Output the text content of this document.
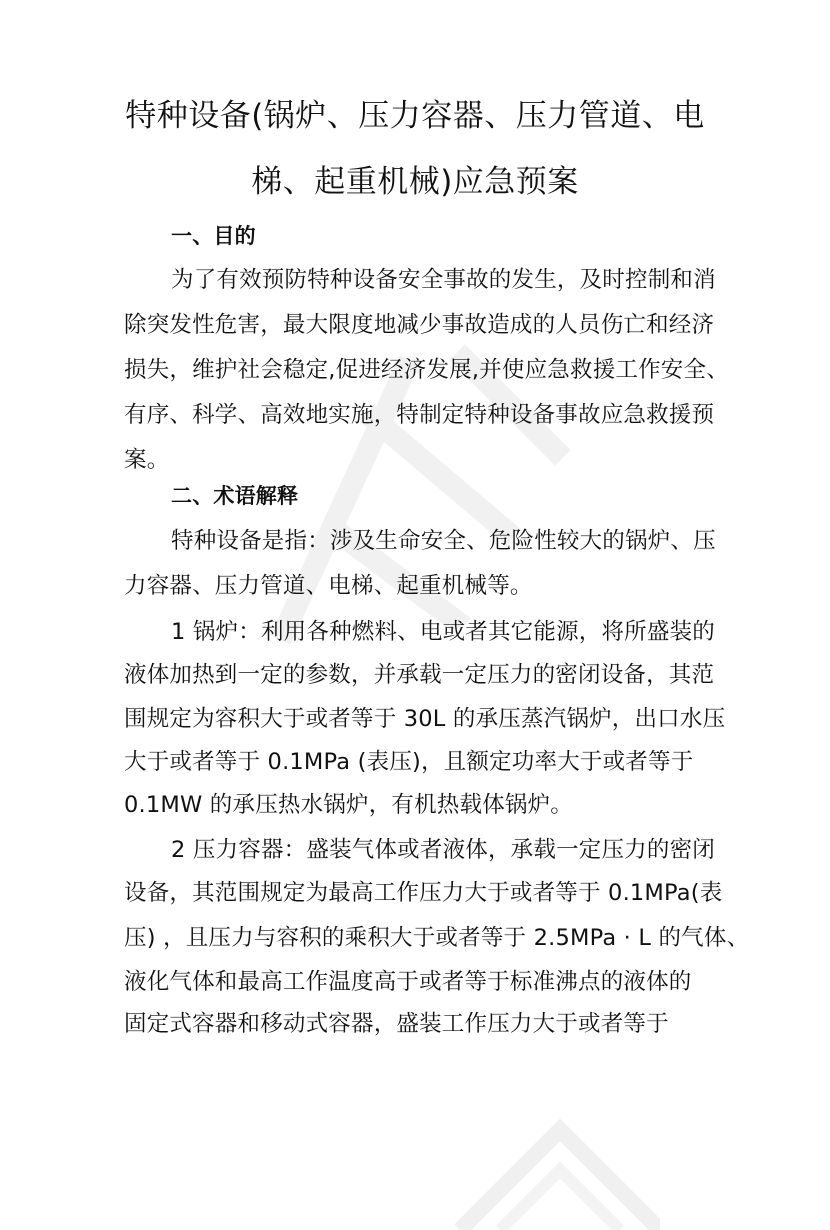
特种设备(锅炉、压力容器、压力管道、电
梯、起重机械)应急预案
一、目的
为了有效预防特种设备安全事故的发生，及时控制和消
除突发性危害，最大限度地减少事故造成的人员伤亡和经济
损失，维护社会稳定,促进经济发展,并使应急救援工作安全、
有序、科学、高效地实施，特制定特种设备事故应急救援预
案。
二、术语解释
特种设备是指：涉及生命安全、危险性较大的锅炉、压
力容器、压力管道、电梯、起重机械等。
1 锅炉：利用各种燃料、电或者其它能源，将所盛装的
液体加热到一定的参数，并承载一定压力的密闭设备，其范
围规定为容积大于或者等于 30L 的承压蒸汽锅炉，出口水压
大于或者等于 0.1MPa (表压)，且额定功率大于或者等于
0.1MW 的承压热水锅炉，有机热载体锅炉。
2 压力容器：盛装气体或者液体，承载一定压力的密闭
设备，其范围规定为最高工作压力大于或者等于 0.1MPa(表
压) ，且压力与容积的乘积大于或者等于 2.5MPa · L 的气体、
液化气体和最高工作温度高于或者等于标准沸点的液体的
固定式容器和移动式容器，盛装工作压力大于或者等于
